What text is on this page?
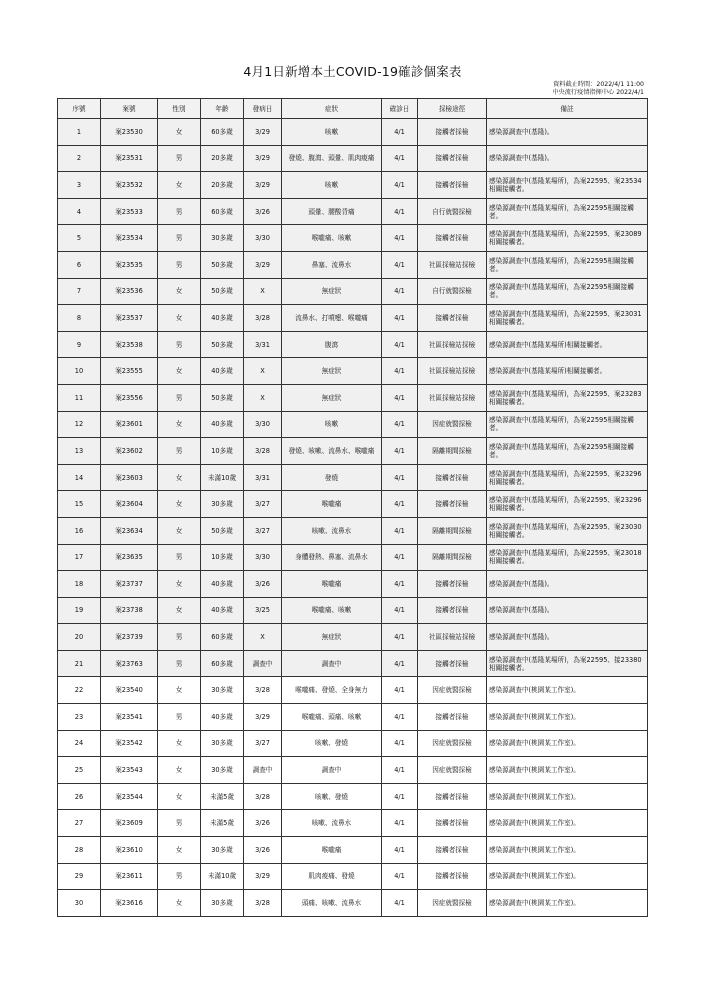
4月1日新增本土COVID-19確診個案表
資料截止時間：2022/4/1 11:00
中央流行疫情指揮中心 2022/4/1
序號	案號	性別	年齡	發病日	症狀	確診日	採檢途徑	備註
1	案23530	女	60多歲	3/29	咳嗽	4/1	接觸者採檢	感染源調查中(基隆)。
2	案23531	男	20多歲	3/29	發燒、腹瀉、頭暈、肌肉痠痛	4/1	接觸者採檢	感染源調查中(基隆)。
3	案23532	女	20多歲	3/29	咳嗽	4/1	接觸者採檢	感染源調查中(基隆某場所)，為案22595、案23534相關接觸者。
4	案23533	男	60多歲	3/26	頭暈、腰酸背痛	4/1	自行就醫採檢	感染源調查中(基隆某場所)，為案22595相關接觸者。
5	案23534	男	30多歲	3/30	喉嚨痛、咳嗽	4/1	接觸者採檢	感染源調查中(基隆某場所)，為案22595、案23089相關接觸者。
6	案23535	男	50多歲	3/29	鼻塞、流鼻水	4/1	社區採檢站採檢	感染源調查中(基隆某場所)，為案22595相關接觸者。
7	案23536	女	50多歲	X	無症狀	4/1	自行就醫採檢	感染源調查中(基隆某場所)，為案22595相關接觸者。
8	案23537	女	40多歲	3/28	流鼻水、打噴嚏、喉嚨痛	4/1	接觸者採檢	感染源調查中(基隆某場所)，為案22595、案23031相關接觸者。
9	案23538	男	50多歲	3/31	腹瀉	4/1	社區採檢站採檢	感染源調查中(基隆某場所)相關接觸者。
10	案23555	女	40多歲	X	無症狀	4/1	社區採檢站採檢	感染源調查中(基隆某場所)相關接觸者。
11	案23556	男	50多歲	X	無症狀	4/1	社區採檢站採檢	感染源調查中(基隆某場所)，為案22595、案23283相關接觸者。
12	案23601	女	40多歲	3/30	咳嗽	4/1	因症就醫採檢	感染源調查中(基隆某場所)，為案22595相關接觸者。
13	案23602	男	10多歲	3/28	發燒、咳嗽、流鼻水、喉嚨痛	4/1	隔離期間採檢	感染源調查中(基隆某場所)，為案22595相關接觸者。
14	案23603	女	未滿10歲	3/31	發燒	4/1	接觸者採檢	感染源調查中(基隆某場所)，為案22595、案23296相關接觸者。
15	案23604	女	30多歲	3/27	喉嚨痛	4/1	接觸者採檢	感染源調查中(基隆某場所)，為案22595、案23296相關接觸者。
16	案23634	女	50多歲	3/27	咳嗽、流鼻水	4/1	隔離期間採檢	感染源調查中(基隆某場所)，為案22595、案23030相關接觸者。
17	案23635	男	10多歲	3/30	身體發熱、鼻塞、流鼻水	4/1	隔離期間採檢	感染源調查中(基隆某場所)，為案22595、案23018相關接觸者。
18	案23737	女	40多歲	3/26	喉嚨痛	4/1	接觸者採檢	感染源調查中(基隆)。
19	案23738	女	40多歲	3/25	喉嚨痛、咳嗽	4/1	接觸者採檢	感染源調查中(基隆)。
20	案23739	男	60多歲	X	無症狀	4/1	社區採檢站採檢	感染源調查中(基隆)。
21	案23763	男	60多歲	調查中	調查中	4/1	接觸者採檢	感染源調查中(基隆某場所)，為案22595、接23380相關接觸者。
22	案23540	女	30多歲	3/28	喉嚨痛、發燒、全身無力	4/1	因症就醫採檢	感染源調查中(桃園某工作室)。
23	案23541	男	40多歲	3/29	喉嚨痛、頭痛、咳嗽	4/1	接觸者採檢	感染源調查中(桃園某工作室)。
24	案23542	女	30多歲	3/27	咳嗽、發燒	4/1	因症就醫採檢	感染源調查中(桃園某工作室)。
25	案23543	女	30多歲	調查中	調查中	4/1	因症就醫採檢	感染源調查中(桃園某工作室)。
26	案23544	女	未滿5歲	3/28	咳嗽、發燒	4/1	接觸者採檢	感染源調查中(桃園某工作室)。
27	案23609	男	未滿5歲	3/26	咳嗽、流鼻水	4/1	接觸者採檢	感染源調查中(桃園某工作室)。
28	案23610	女	30多歲	3/26	喉嚨痛	4/1	接觸者採檢	感染源調查中(桃園某工作室)。
29	案23611	男	未滿10歲	3/29	肌肉痠痛、發燒	4/1	接觸者採檢	感染源調查中(桃園某工作室)。
30	案23616	女	30多歲	3/28	頭痛、咳嗽、流鼻水	4/1	因症就醫採檢	感染源調查中(桃園某工作室)。
